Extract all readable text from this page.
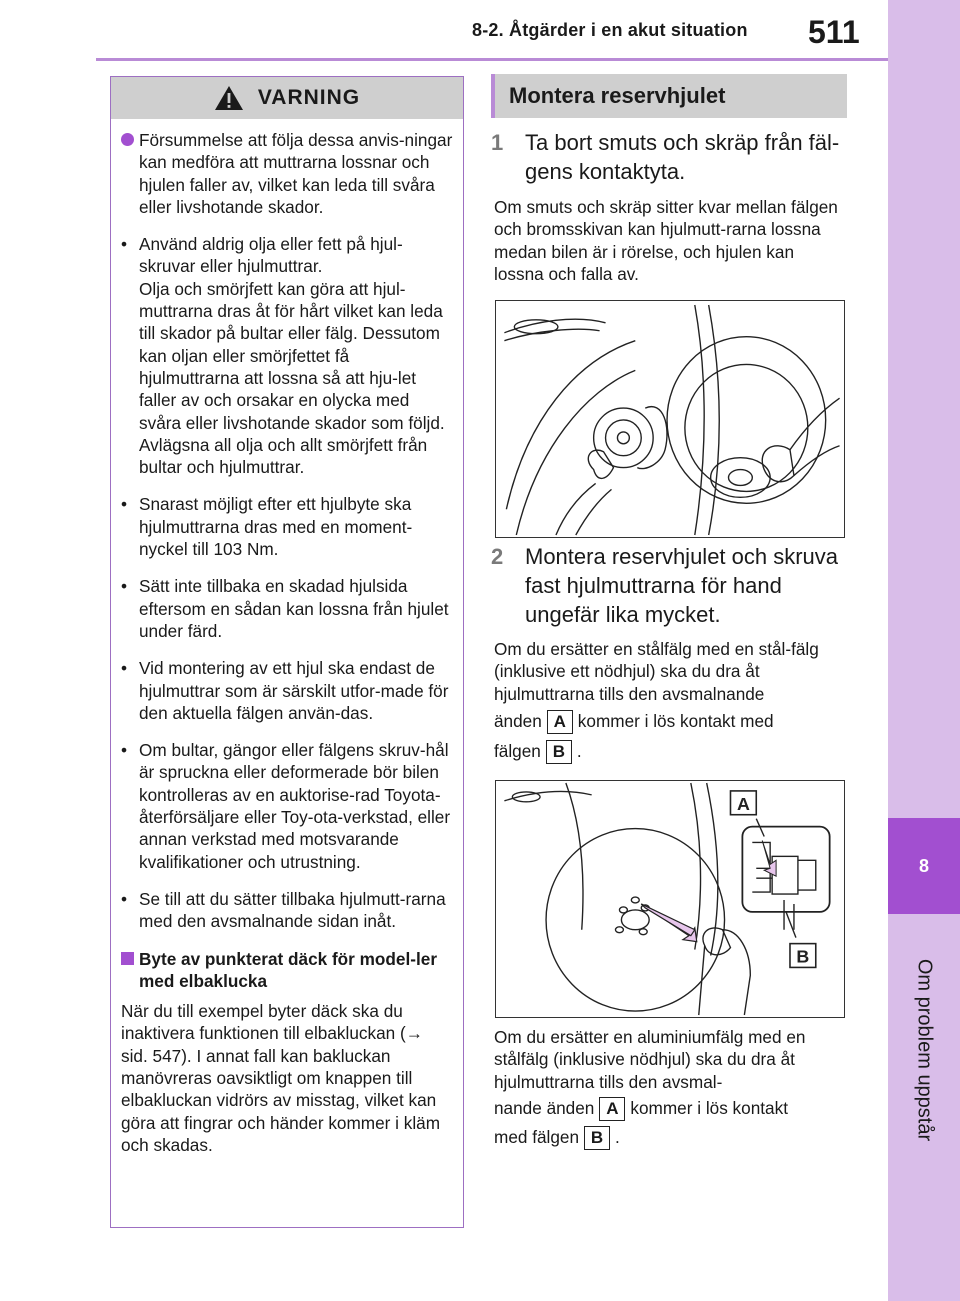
8-2. Åtgärder i en akut situation 511
8
Om problem uppstår
VARNING

Försummelse att följa dessa anvis-ningar kan medföra att muttrarna lossnar och hjulen faller av, vilket kan leda till svåra eller livshotande skador.

• Använd aldrig olja eller fett på hjul-skruvar eller hjulmuttrar.

Olja och smörjfett kan göra att hjul-muttrarna dras åt för hårt vilket kan leda till skador på bultar eller fälg. Dessutom kan oljan eller smörjfettet få hjulmuttrarna att lossna så att hju-let faller av och orsakar en olycka med svåra eller livshotande skador som följd. Avlägsna all olja och allt smörjfett från bultar och hjulmuttrar.

• Snarast möjligt efter ett hjulbyte ska hjulmuttrarna dras med en moment-nyckel till 103 Nm.

• Sätt inte tillbaka en skadad hjulsida eftersom en sådan kan lossna från hjulet under färd.

• Vid montering av ett hjul ska endast de hjulmuttrar som är särskilt utfor-made för den aktuella fälgen använ-das.

• Om bultar, gängor eller fälgens skruv-hål är spruckna eller deformerade bör bilen kontrolleras av en auktorise-rad Toyota-återförsäljare eller Toy-ota-verkstad, eller annan verkstad med motsvarande kvalifikationer och utrustning.

• Se till att du sätter tillbaka hjulmutt-rarna med den avsmalnande sidan inåt.

Byte av punkterat däck för model-ler med elbaklucka

När du till exempel byter däck ska du inaktivera funktionen till elbakluckan (→ sid. 547). I annat fall kan bakluckan manövreras oavsiktligt om knappen till elbakluckan vidrörs av misstag, vilket kan göra att fingrar och händer kommer i kläm och skadas.

Montera reservhjulet
1 Ta bort smuts och skräp från fäl-gens kontaktyta.
Om smuts och skräp sitter kvar mellan fälgen och bromsskivan kan hjulmutt-rarna lossna medan bilen är i rörelse, och hjulen kan lossna och falla av.
2 Montera reservhjulet och skruva fast hjulmuttrarna för hand ungefär lika mycket.
Om du ersätter en stålfälg med en stål-fälg (inklusive ett nödhjul) ska du dra åt hjulmuttrarna tills den avsmalnande
änden A kommer i lös kontakt med
fälgen B .
A
B
Om du ersätter en aluminiumfälg med en stålfälg (inklusive nödhjul) ska du dra åt hjulmuttrarna tills den avsmal-
nande änden A kommer i lös kontakt
med fälgen B .
